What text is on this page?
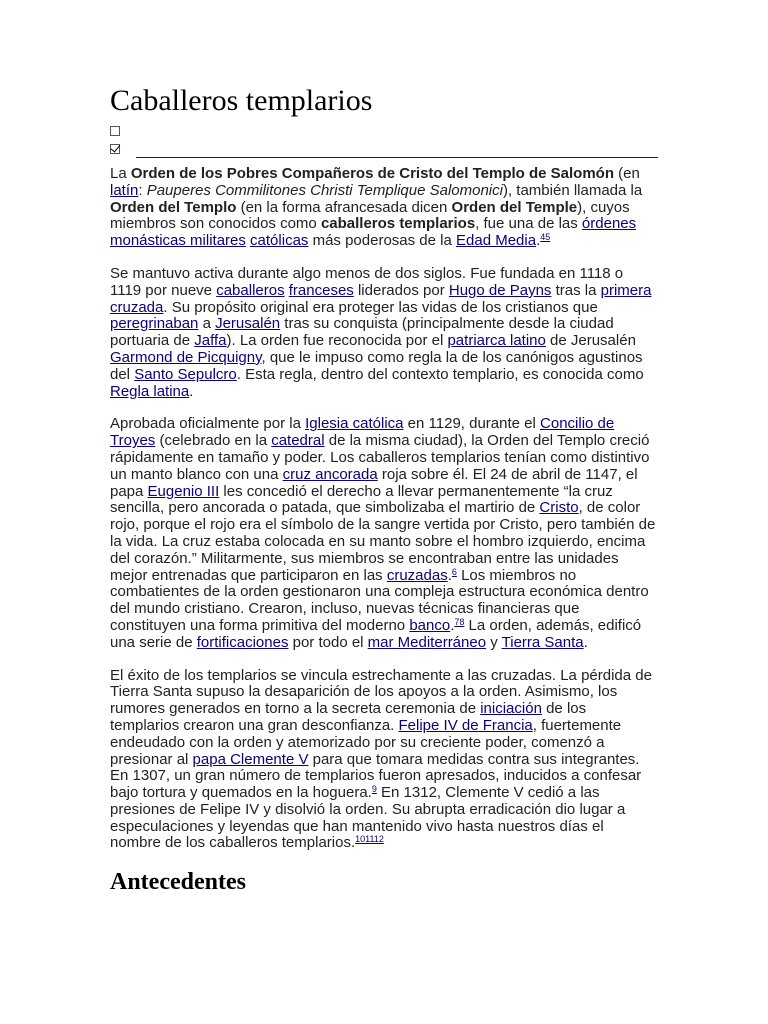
Caballeros templarios

La Orden de los Pobres Compañeros de Cristo del Templo de Salomón (en latín: Pauperes Commilitones Christi Templique Salomonici), también llamada la Orden del Templo (en la forma afrancesada dicen Orden del Temple), cuyos miembros son conocidos como caballeros templarios, fue una de las órdenes monásticas militares católicas más poderosas de la Edad Media.$^{45}$

Se mantuvo activa durante algo menos de dos siglos. Fue fundada en 1118 o 1119 por nueve caballeros franceses liderados por Hugo de Payns tras la primera cruzada. Su propósito original era proteger las vidas de los cristianos que peregrinaban a Jerusalén tras su conquista (principalmente desde la ciudad portuaria de Jaffa). La orden fue reconocida por el patriarca latino de Jerusalén Garmond de Picquigny, que le impuso como regla la de los canónigos agustinos del Santo Sepulcro. Esta regla, dentro del contexto templario, es conocida como Regla latina.

Aprobada oficialmente por la Iglesia católica en 1129, durante el Concilio de Troyes (celebrado en la catedral de la misma ciudad), la Orden del Templo creció rápidamente en tamaño y poder. Los caballeros templarios tenían como distintivo un manto blanco con una cruz ancorada roja sobre él. El 24 de abril de 1147, el papa Eugenio III les concedió el derecho a llevar permanentemente “la cruz sencilla, pero ancorada o patada, que simbolizaba el martirio de Cristo, de color rojo, porque el rojo era el símbolo de la sangre vertida por Cristo, pero también de la vida. La cruz estaba colocada en su manto sobre el hombro izquierdo, encima del corazón.” Militarmente, sus miembros se encontraban entre las unidades mejor entrenadas que participaron en las cruzadas.$^6$ Los miembros no combatientes de la orden gestionaron una compleja estructura económica dentro del mundo cristiano. Crearon, incluso, nuevas técnicas financieras que constituyen una forma primitiva del moderno banco.$^{78}$ La orden, además, edificó una serie de fortificaciones por todo el mar Mediterráneo y Tierra Santa.

El éxito de los templarios se vincula estrechamente a las cruzadas. La pérdida de Tierra Santa supuso la desaparición de los apoyos a la orden. Asimismo, los rumores generados en torno a la secreta ceremonia de iniciación de los templarios crearon una gran desconfianza. Felipe IV de Francia, fuertemente endeudado con la orden y atemorizado por su creciente poder, comenzó a presionar al papa Clemente V para que tomara medidas contra sus integrantes. En 1307, un gran número de templarios fueron apresados, inducidos a confesar bajo tortura y quemados en la hoguera.$^9$ En 1312, Clemente V cedió a las presiones de Felipe IV y disolvió la orden. Su abrupta erradicación dio lugar a especulaciones y leyendas que han mantenido vivo hasta nuestros días el nombre de los caballeros templarios.$^{101112}$

Antecedentes
